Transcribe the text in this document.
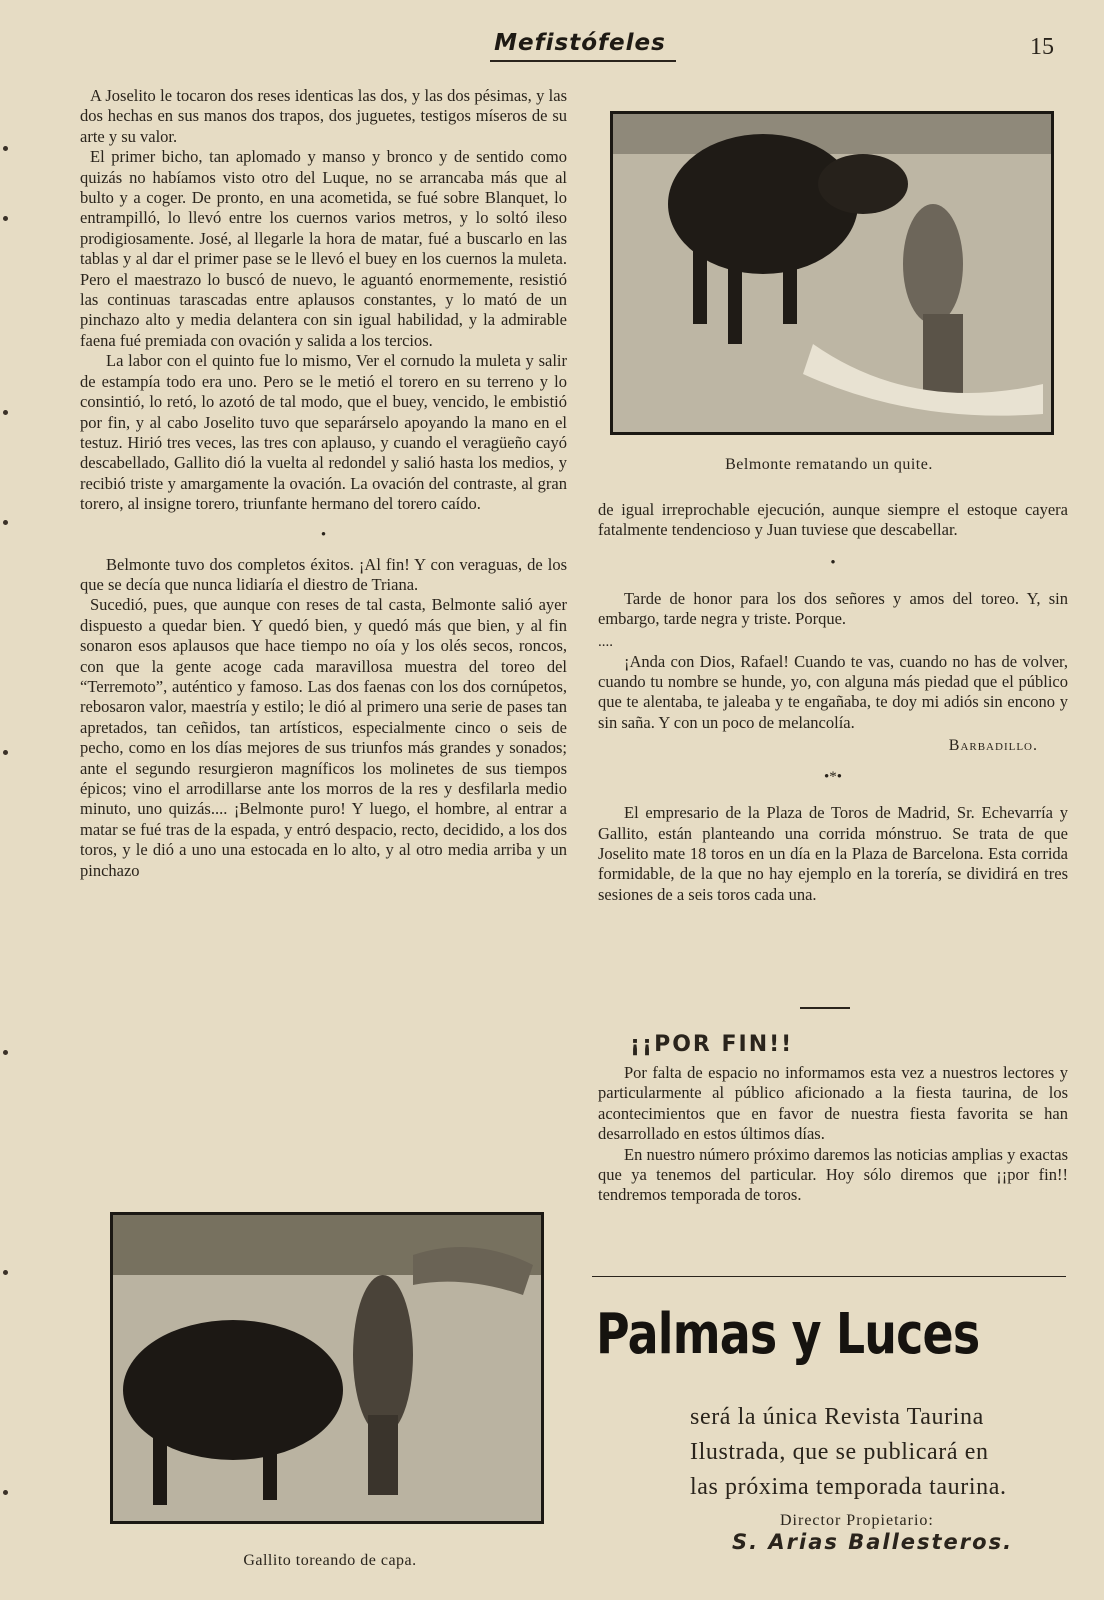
Mefistófeles	15

A Joselito le tocaron dos reses identicas las dos, y las dos pésimas, y las dos hechas en sus manos dos trapos, dos juguetes, testigos míseros de su arte y su valor.

El primer bicho, tan aplomado y manso y bronco y de sentido como quizás no habíamos visto otro del Luque, no se arrancaba más que al bulto y a coger. De pronto, en una acometida, se fué sobre Blanquet, lo entrampilló, lo llevó entre los cuernos varios metros, y lo soltó ileso prodigiosamente. José, al llegarle la hora de matar, fué a buscarlo en las tablas y al dar el primer pase se le llevó el buey en los cuernos la muleta. Pero el maestrazo lo buscó de nuevo, le aguantó enormemente, resistió las continuas tarascadas entre aplausos constantes, y lo mató de un pinchazo alto y media delantera con sin igual habilidad, y la admirable faena fué premiada con ovación y salida a los tercios.

La labor con el quinto fue lo mismo, Ver el cornudo la muleta y salir de estampía todo era uno. Pero se le metió el torero en su terreno y lo consintió, lo retó, lo azotó de tal modo, que el buey, vencido, le embistió por fin, y al cabo Joselito tuvo que separárselo apoyando la mano en el testuz. Hirió tres veces, las tres con aplauso, y cuando el veragüeño cayó descabellado, Gallito dió la vuelta al redondel y salió hasta los medios, y recibió triste y amargamente la ovación. La ovación del contraste, al gran torero, al insigne torero, triunfante hermano del torero caído.

•

Belmonte tuvo dos completos éxitos. ¡Al fin! Y con veraguas, de los que se decía que nunca lidiaría el diestro de Triana.

Sucedió, pues, que aunque con reses de tal casta, Belmonte salió ayer dispuesto a quedar bien. Y quedó bien, y quedó más que bien, y al fin sonaron esos aplausos que hace tiempo no oía y los olés secos, roncos, con que la gente acoge cada maravillosa muestra del toreo del “Terremoto”, auténtico y famoso. Las dos faenas con los dos cornúpetos, rebosaron valor, maestría y estilo; le dió al primero una serie de pases tan apretados, tan ceñidos, tan artísticos, especialmente cinco o seis de pecho, como en los días mejores de sus triunfos más grandes y sonados; ante el segundo resurgieron magníficos los molinetes de sus tiempos épicos; vino el arrodillarse ante los morros de la res y desfilarla medio minuto, uno quizás.... ¡Belmonte puro! Y luego, el hombre, al entrar a matar se fué tras de la espada, y entró despacio, recto, decidido, a los dos toros, y le dió a uno una estocada en lo alto, y al otro media arriba y un pinchazo

Belmonte rematando un quite.

de igual irreprochable ejecución, aunque siempre el estoque cayera fatalmente tendencioso y Juan tuviese que descabellar.

•

Tarde de honor para los dos señores y amos del toreo. Y, sin embargo, tarde negra y triste. Porque.

....

¡Anda con Dios, Rafael! Cuando te vas, cuando no has de volver, cuando tu nombre se hunde, yo, con alguna más piedad que el público que te alentaba, te jaleaba y te engañaba, te doy mi adiós sin encono y sin saña. Y con un poco de melancolía.

Barbadillo.
•*•

El empresario de la Plaza de Toros de Madrid, Sr. Echevarría y Gallito, están planteando una corrida mónstruo. Se trata de que Joselito mate 18 toros en un día en la Plaza de Barcelona. Esta corrida formidable, de la que no hay ejemplo en la torería, se dividirá en tres sesiones de a seis toros cada una.

¡¡POR FIN!!

Por falta de espacio no informamos esta vez a nuestros lectores y particularmente al público aficionado a la fiesta taurina, de los acontecimientos que en favor de nuestra fiesta favorita se han desarrollado en estos últimos días.

En nuestro número próximo daremos las noticias amplias y exactas que ya tenemos del particular. Hoy sólo diremos que ¡¡por fin!! tendremos temporada de toros.

Gallito toreando de capa.
Palmas y Luces
será la única Revista Taurina
Ilustrada, que se publicará en
las próxima temporada taurina.
Director Propietario:
S. Arias Ballesteros.
